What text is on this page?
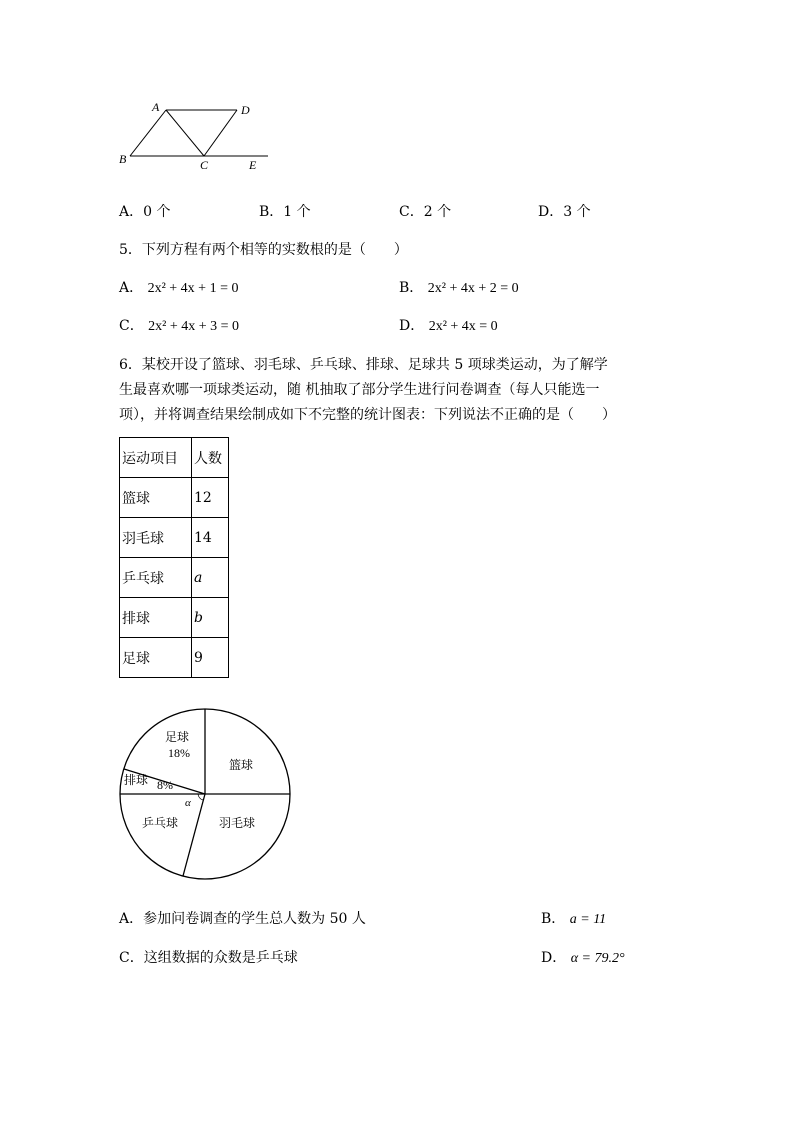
A	D
B	C	E
A．0 个	B．1 个	C．2 个	D．3 个
5．下列方程有两个相等的实数根的是（　　）
A． 2x² + 4x + 1 = 0	B． 2x² + 4x + 2 = 0
C． 2x² + 4x + 3 = 0	D． 2x² + 4x = 0
6．某校开设了篮球、羽毛球、乒乓球、排球、足球共 5 项球类运动，为了解学
生最喜欢哪一项球类运动，随 机抽取了部分学生进行问卷调查（每人只能选一
项），并将调查结果绘制成如下不完整的统计图表：下列说法不正确的是（　　）
运动项目	人数
篮球	12
羽毛球	14
乒乓球	a
排球	b
足球	9
足球
18%
排球 8%
α
篮球
羽毛球
乒乓球
A．参加问卷调查的学生总人数为 50 人	B． a = 11
C．这组数据的众数是乒乓球	D． α = 79.2°
